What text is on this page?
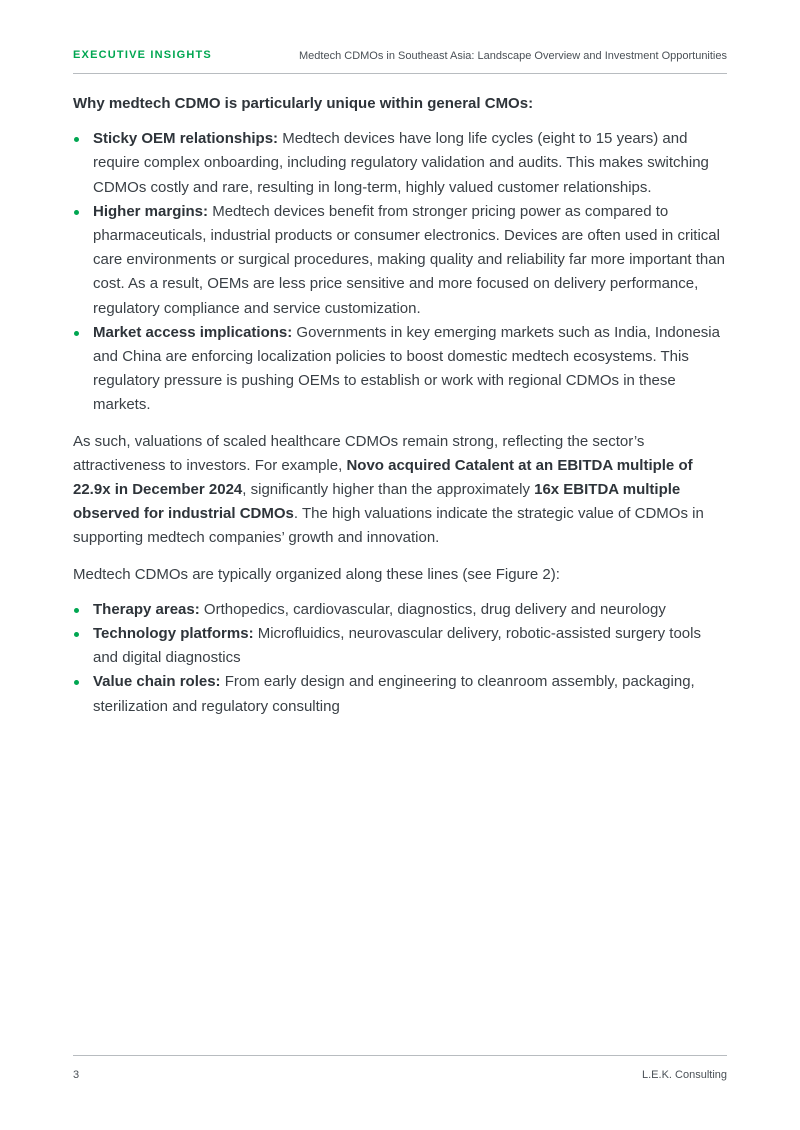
EXECUTIVE INSIGHTS	Medtech CDMOs in Southeast Asia: Landscape Overview and Investment Opportunities

Why medtech CDMO is particularly unique within general CMOs:

Sticky OEM relationships: Medtech devices have long life cycles (eight to 15 years) and require complex onboarding, including regulatory validation and audits. This makes switching CDMOs costly and rare, resulting in long-term, highly valued customer relationships.
Higher margins: Medtech devices benefit from stronger pricing power as compared to pharmaceuticals, industrial products or consumer electronics. Devices are often used in critical care environments or surgical procedures, making quality and reliability far more important than cost. As a result, OEMs are less price sensitive and more focused on delivery performance, regulatory compliance and service customization.
Market access implications: Governments in key emerging markets such as India, Indonesia and China are enforcing localization policies to boost domestic medtech ecosystems. This regulatory pressure is pushing OEMs to establish or work with regional CDMOs in these markets.

As such, valuations of scaled healthcare CDMOs remain strong, reflecting the sector’s attractiveness to investors. For example, Novo acquired Catalent at an EBITDA multiple of 22.9x in December 2024, significantly higher than the approximately 16x EBITDA multiple observed for industrial CDMOs. The high valuations indicate the strategic value of CDMOs in supporting medtech companies’ growth and innovation.

Medtech CDMOs are typically organized along these lines (see Figure 2):

Therapy areas: Orthopedics, cardiovascular, diagnostics, drug delivery and neurology
Technology platforms: Microfluidics, neurovascular delivery, robotic-assisted surgery tools and digital diagnostics
Value chain roles: From early design and engineering to cleanroom assembly, packaging, sterilization and regulatory consulting
3	L.E.K. Consulting
